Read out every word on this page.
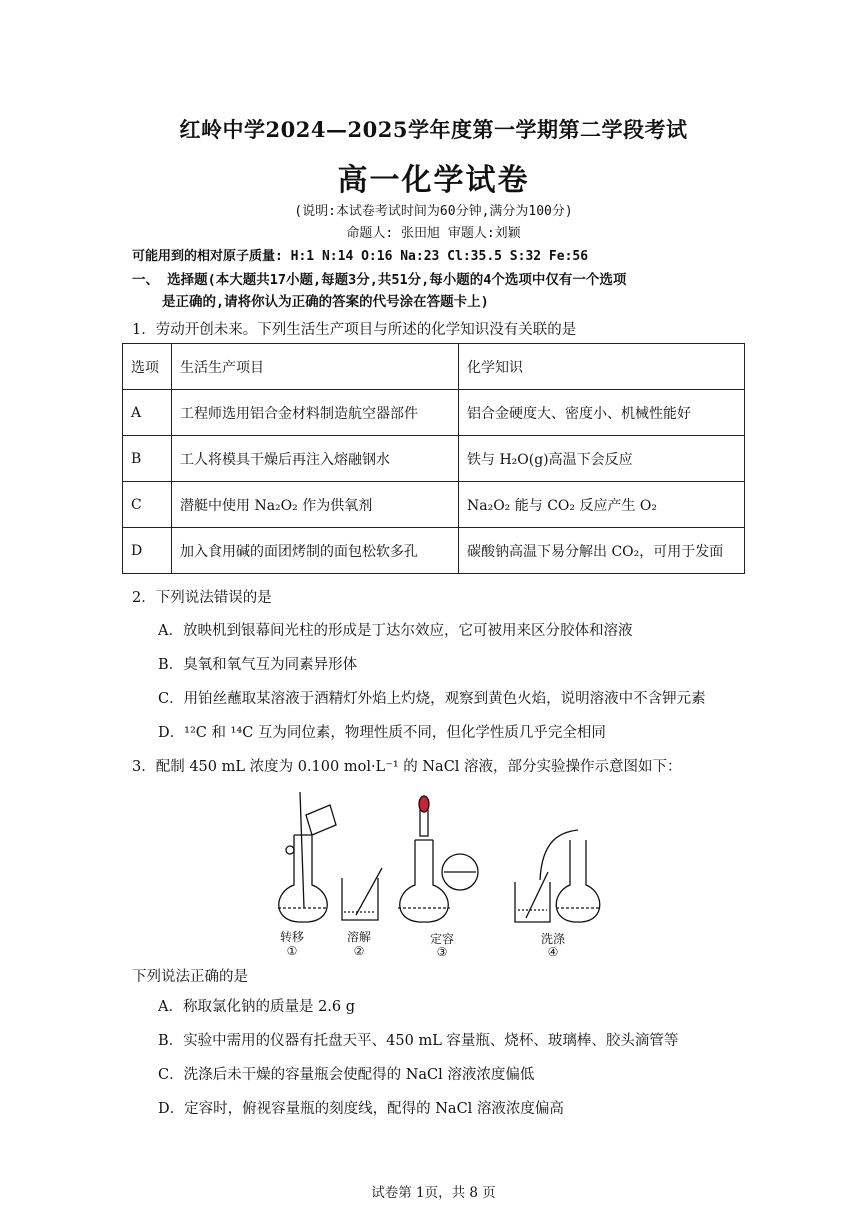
红岭中学2024—2025学年度第一学期第二学段考试
高一化学试卷
(说明:本试卷考试时间为60分钟,满分为100分)
命题人: 张田旭 审题人:刘颖
可能用到的相对原子质量: H:1 N:14 O:16 Na:23 Cl:35.5 S:32 Fe:56
一、 选择题(本大题共17小题,每题3分,共51分,每小题的4个选项中仅有一个选项
是正确的,请将你认为正确的答案的代号涂在答题卡上)
1．劳动开创未来。下列生活生产项目与所述的化学知识没有关联的是
选项	生活生产项目	化学知识
A	工程师选用铝合金材料制造航空器部件	铝合金硬度大、密度小、机械性能好
B	工人将模具干燥后再注入熔融钢水	铁与 H₂O(g)高温下会反应
C	潜艇中使用 Na₂O₂ 作为供氧剂	Na₂O₂ 能与 CO₂ 反应产生 O₂
D	加入食用碱的面团烤制的面包松软多孔	碳酸钠高温下易分解出 CO₂，可用于发面
2．下列说法错误的是
A．放映机到银幕间光柱的形成是丁达尔效应，它可被用来区分胶体和溶液
B．臭氧和氧气互为同素异形体
C．用铂丝蘸取某溶液于酒精灯外焰上灼烧，观察到黄色火焰，说明溶液中不含钾元素
D．¹²C 和 ¹⁴C 互为同位素，物理性质不同，但化学性质几乎完全相同
3．配制 450 mL 浓度为 0.100 mol·L⁻¹ 的 NaCl 溶液，部分实验操作示意图如下：
转移
①
溶解
②
定容
③
洗涤
④
下列说法正确的是
A．称取氯化钠的质量是 2.6 g
B．实验中需用的仪器有托盘天平、450 mL 容量瓶、烧杯、玻璃棒、胶头滴管等
C．洗涤后未干燥的容量瓶会使配得的 NaCl 溶液浓度偏低
D．定容时，俯视容量瓶的刻度线，配得的 NaCl 溶液浓度偏高
试卷第 1页，共 8 页
